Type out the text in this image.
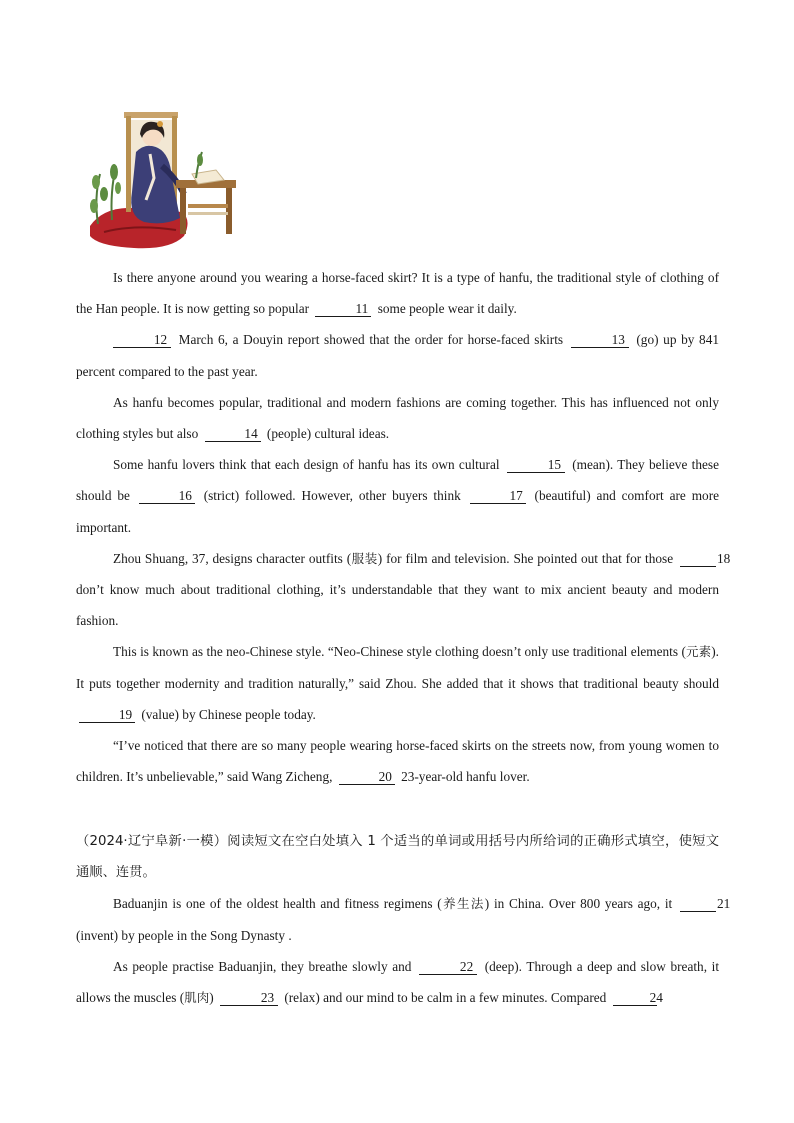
Is there anyone around you wearing a horse-faced skirt? It is a type of hanfu, the traditional style of clothing of the Han people. It is now getting so popular	11 some people wear it daily.

12 March 6, a Douyin report showed that the order for horse-faced skirts	13 (go) up by 841 percent compared to the past year.

As hanfu becomes popular, traditional and modern fashions are coming together. This has influenced not only clothing styles but also	14 (people) cultural ideas.

Some hanfu lovers think that each design of hanfu has its own cultural	15 (mean). They believe these should be	16 (strict) followed. However, other buyers think	17 (beautiful) and comfort are more important.

Zhou Shuang, 37, designs character outfits (服装) for film and television. She pointed out that for those	18 don’t know much about traditional clothing, it’s understandable that they want to mix ancient beauty and modern fashion.

This is known as the neo-Chinese style. “Neo-Chinese style clothing doesn’t only use traditional elements (元素). It puts together modernity and tradition naturally,” said Zhou. She added that it shows that traditional beauty should 19 (value) by Chinese people today.

“I’ve noticed that there are so many people wearing horse-faced skirts on the streets now, from young women to children. It’s unbelievable,” said Wang Zicheng,	20 23-year-old hanfu lover.

（2024·辽宁阜新·一模）阅读短文在空白处填入 1 个适当的单词或用括号内所给词的正确形式填空，使短文通顺、连贯。

Baduanjin is one of the oldest health and fitness regimens (养生法) in China. Over 800 years ago, it	21 (invent) by people in the Song Dynasty .

As people practise Baduanjin, they breathe slowly and	22 (deep). Through a deep and slow breath, it allows the muscles (肌肉)	23 (relax) and our mind to be calm in a few minutes. Compared	24
